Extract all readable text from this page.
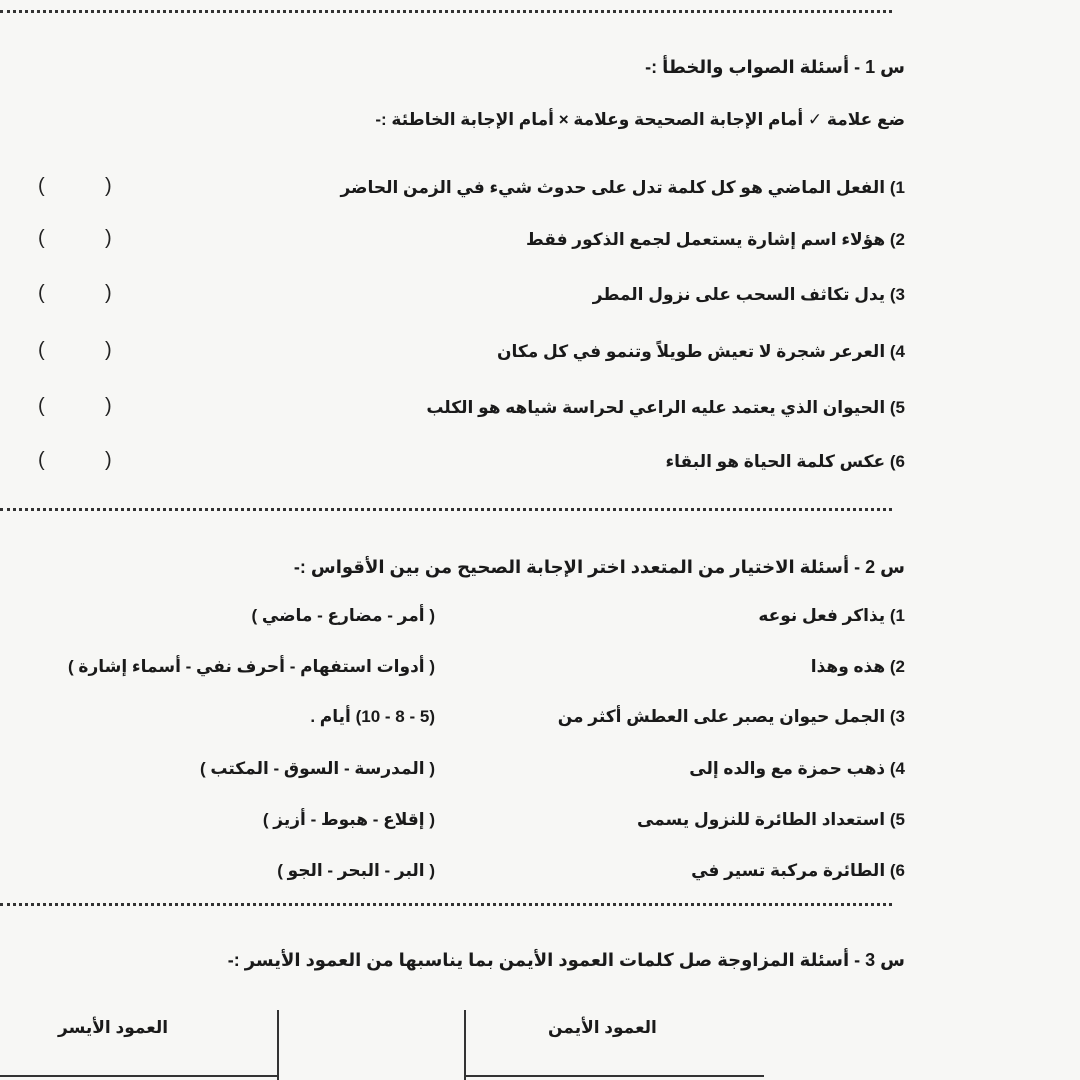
س 1 - أسئلة الصواب والخطأ :-
ضع علامة ✓ أمام الإجابة الصحيحة وعلامة × أمام الإجابة الخاطئة :-
1) الفعل الماضي هو كل كلمة تدل على حدوث شيء في الزمن الحاضر
(	)
2) هؤلاء اسم إشارة يستعمل لجمع الذكور فقط
(	)
3) يدل تكاثف السحب على نزول المطر
(	)
4) العرعر شجرة لا تعيش طويلاً وتنمو في كل مكان
(	)
5) الحيوان الذي يعتمد عليه الراعي لحراسة شياهه هو الكلب
(	)
6) عكس كلمة الحياة هو البقاء
(	)
س 2 - أسئلة الاختيار من المتعدد اختر الإجابة الصحيح من بين الأقواس :-
1) يذاكر فعل نوعه
( أمر - مضارع - ماضي )
2) هذه وهذا
( أدوات استفهام - أحرف نفي - أسماء إشارة )
3) الجمل حيوان يصبر على العطش أكثر من
(5 - 8 - 10) أيام .
4) ذهب حمزة مع والده إلى
( المدرسة - السوق - المكتب )
5) استعداد الطائرة للنزول يسمى
( إقلاع - هبوط - أزيز )
6) الطائرة مركبة تسير في
( البر - البحر - الجو )
س 3 - أسئلة المزاوجة صل كلمات العمود الأيمن بما يناسبها من العمود الأيسر :-
العمود الأيمن
العمود الأيسر
